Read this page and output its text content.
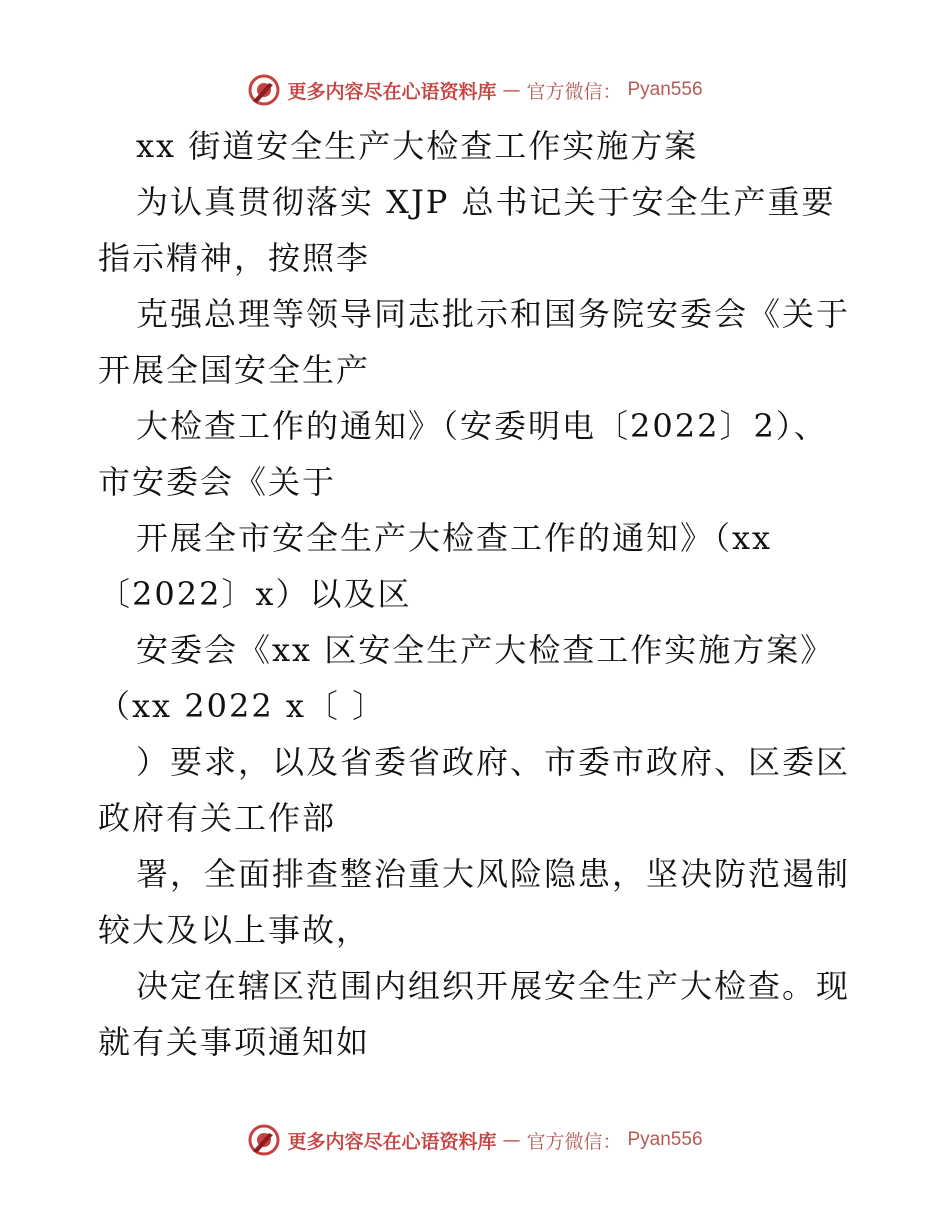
更多内容尽在心语资料库 — 官方微信： Pyan556
xx 街道安全生产大检查工作实施方案
为认真贯彻落实 XJP 总书记关于安全生产重要
指示精神，按照李
克强总理等领导同志批示和国务院安委会《关于
开展全国安全生产
大检查工作的通知》（安委明电〔2022〕2）、
市安委会《关于
开展全市安全生产大检查工作的通知》（xx
〔2022〕x）以及区
安委会《xx 区安全生产大检查工作实施方案》
（xx 2022 x〔 〕
）要求，以及省委省政府、市委市政府、区委区
政府有关工作部
署，全面排查整治重大风险隐患，坚决防范遏制
较大及以上事故，
决定在辖区范围内组织开展安全生产大检查。现
就有关事项通知如
更多内容尽在心语资料库 — 官方微信： Pyan556
